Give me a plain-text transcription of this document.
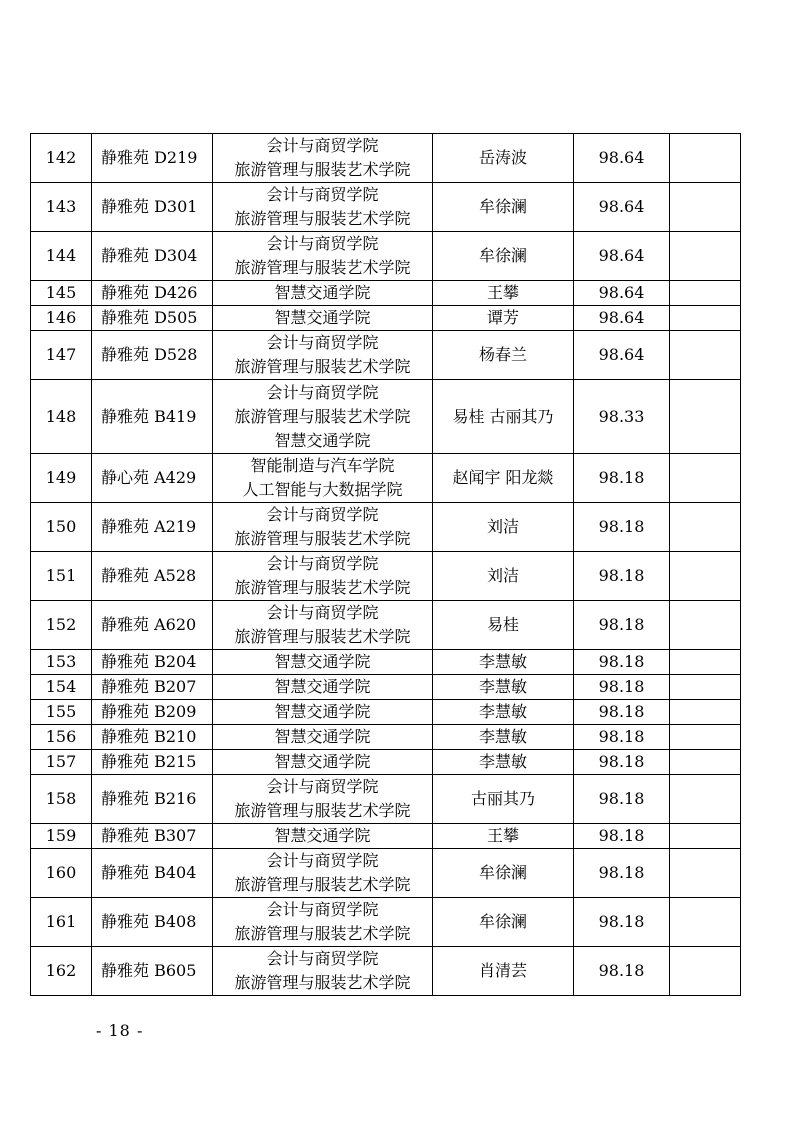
142	静雅苑 D219	会计与商贸学院
旅游管理与服装艺术学院	岳涛波	98.64	
143	静雅苑 D301	会计与商贸学院
旅游管理与服装艺术学院	牟徐澜	98.64	
144	静雅苑 D304	会计与商贸学院
旅游管理与服装艺术学院	牟徐澜	98.64	
145	静雅苑 D426	智慧交通学院	王攀	98.64	
146	静雅苑 D505	智慧交通学院	谭芳	98.64	
147	静雅苑 D528	会计与商贸学院
旅游管理与服装艺术学院	杨春兰	98.64	
148	静雅苑 B419	会计与商贸学院
旅游管理与服装艺术学院
智慧交通学院	易桂 古丽其乃	98.33	
149	静心苑 A429	智能制造与汽车学院
人工智能与大数据学院	赵闻宇 阳龙燚	98.18	
150	静雅苑 A219	会计与商贸学院
旅游管理与服装艺术学院	刘洁	98.18	
151	静雅苑 A528	会计与商贸学院
旅游管理与服装艺术学院	刘洁	98.18	
152	静雅苑 A620	会计与商贸学院
旅游管理与服装艺术学院	易桂	98.18	
153	静雅苑 B204	智慧交通学院	李慧敏	98.18	
154	静雅苑 B207	智慧交通学院	李慧敏	98.18	
155	静雅苑 B209	智慧交通学院	李慧敏	98.18	
156	静雅苑 B210	智慧交通学院	李慧敏	98.18	
157	静雅苑 B215	智慧交通学院	李慧敏	98.18	
158	静雅苑 B216	会计与商贸学院
旅游管理与服装艺术学院	古丽其乃	98.18	
159	静雅苑 B307	智慧交通学院	王攀	98.18	
160	静雅苑 B404	会计与商贸学院
旅游管理与服装艺术学院	牟徐澜	98.18	
161	静雅苑 B408	会计与商贸学院
旅游管理与服装艺术学院	牟徐澜	98.18	
162	静雅苑 B605	会计与商贸学院
旅游管理与服装艺术学院	肖清芸	98.18	
- 18 -
